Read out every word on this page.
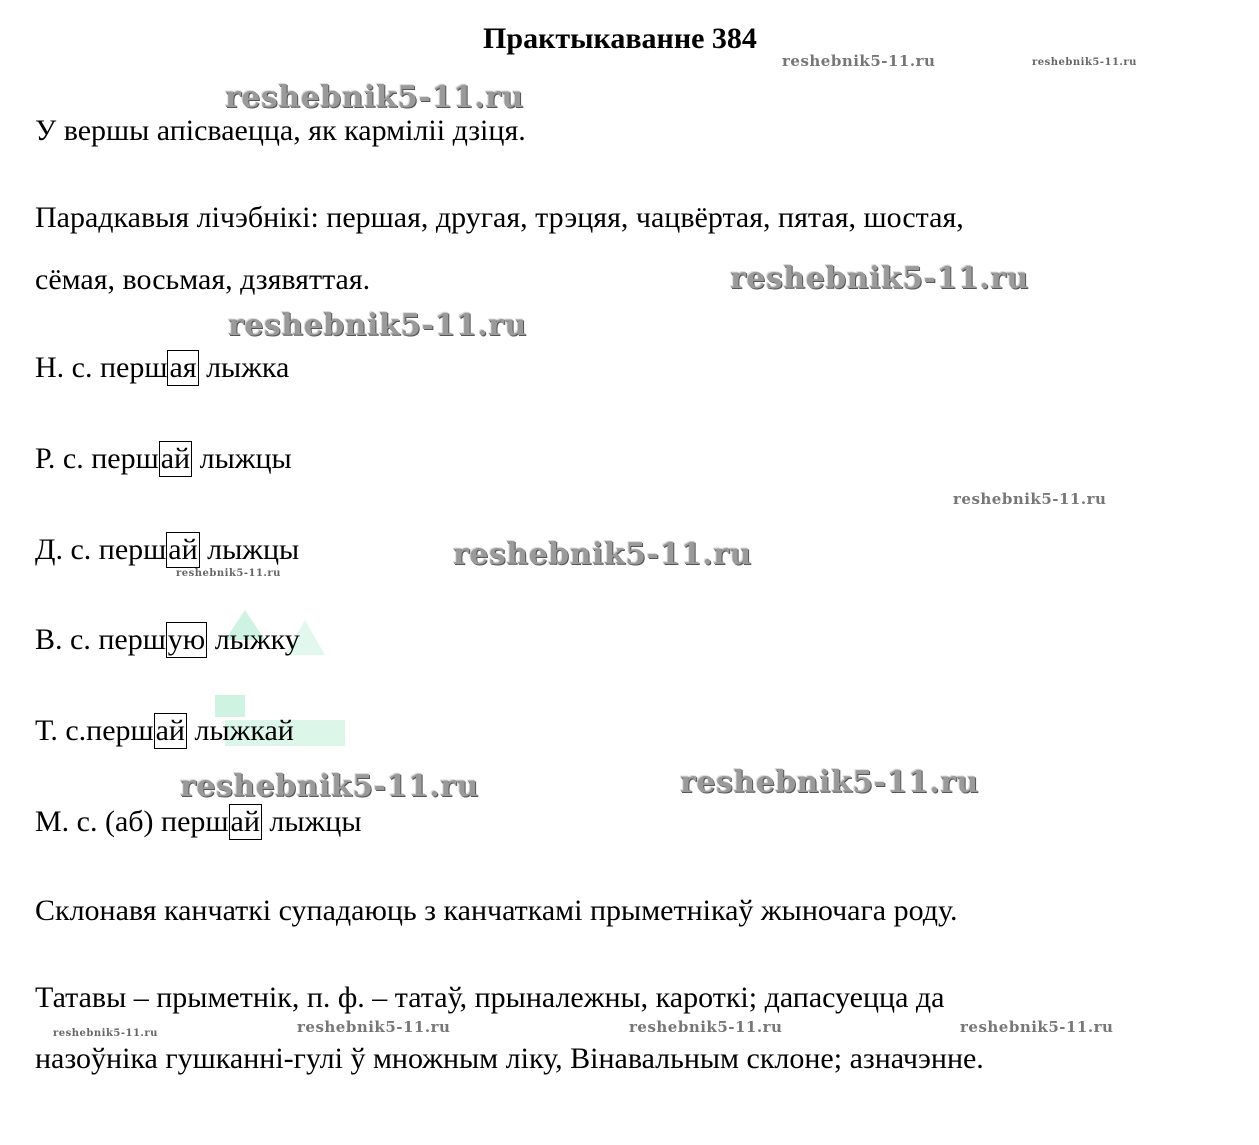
Практыкаванне 384
reshebnik5-11.ru	reshebnik5-11.ru
reshebnik5-11.ru
reshebnik5-11.ru
reshebnik5-11.ru
reshebnik5-11.ru
reshebnik5-11.ru
reshebnik5-11.ru
reshebnik5-11.ru	reshebnik5-11.ru
reshebnik5-11.ru	reshebnik5-11.ru	reshebnik5-11.ru	reshebnik5-11.ru
У вершы апісваецца, як карміліі дзіця.
Парадкавыя лічэбнікі: першая, другая, трэцяя, чацвёртая, пятая, шостая,
сёмая, восьмая, дзявяттая.
Н. с. першая лыжка
Р. с. першай лыжцы
Д. с. першай лыжцы
В. с. першую лыжку
Т. с.першай лыжкай
М. с. (аб) першай лыжцы
Склонавя канчаткі супадаюць з канчаткамі прыметнікаў жыночага роду.
Татавы – прыметнік, п. ф. – татаў, прыналежны, кароткі; дапасуецца да
назоўніка гушканні-гулі ў множным ліку, Вінавальным склоне; азначэнне.
